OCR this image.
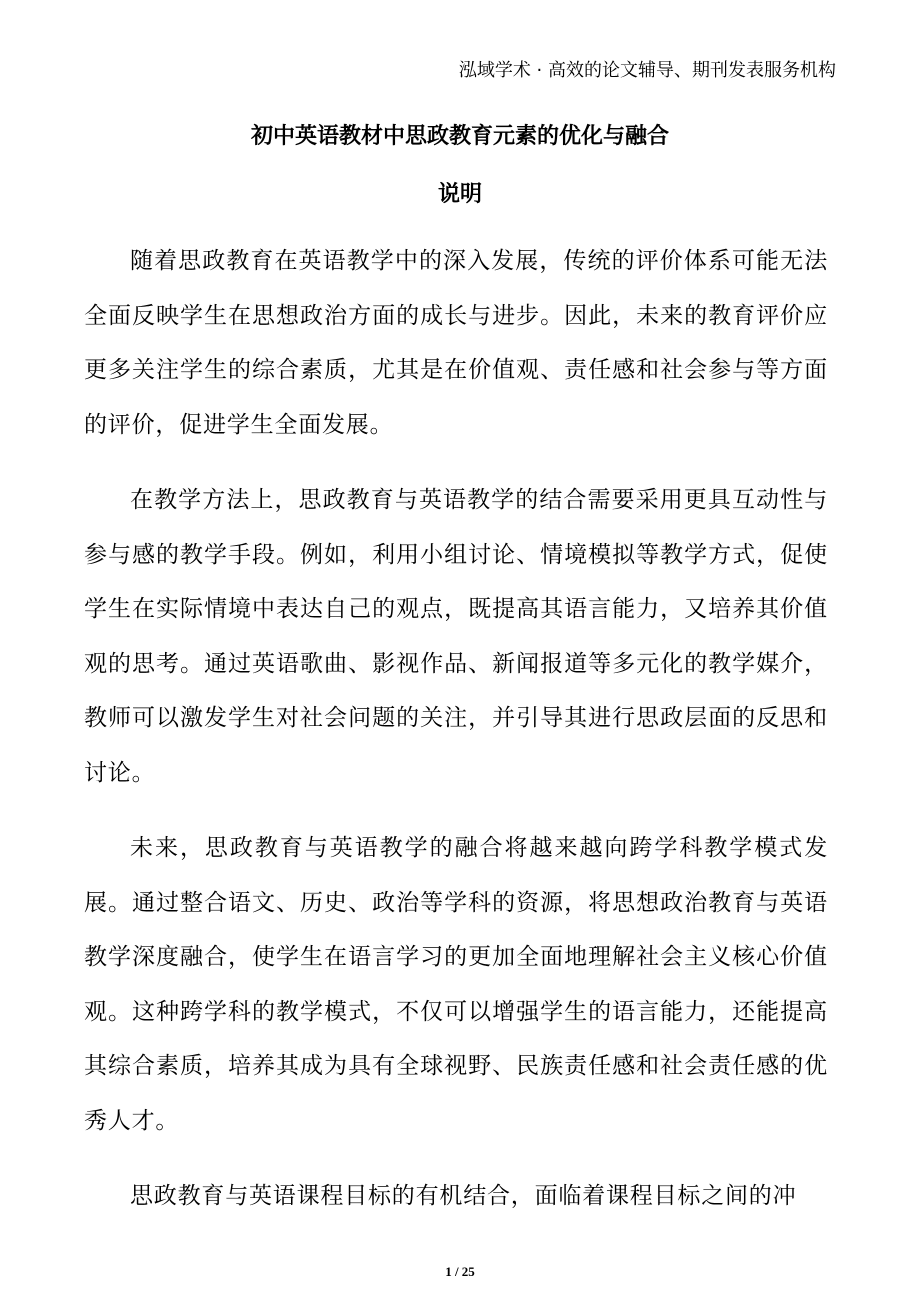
泓域学术 · 高效的论文辅导、期刊发表服务机构
初中英语教材中思政教育元素的优化与融合
说明

随着思政教育在英语教学中的深入发展，传统的评价体系可能无法全面反映学生在思想政治方面的成长与进步。因此，未来的教育评价应更多关注学生的综合素质，尤其是在价值观、责任感和社会参与等方面的评价，促进学生全面发展。

在教学方法上，思政教育与英语教学的结合需要采用更具互动性与参与感的教学手段。例如，利用小组讨论、情境模拟等教学方式，促使学生在实际情境中表达自己的观点，既提高其语言能力，又培养其价值观的思考。通过英语歌曲、影视作品、新闻报道等多元化的教学媒介，教师可以激发学生对社会问题的关注，并引导其进行思政层面的反思和讨论。

未来，思政教育与英语教学的融合将越来越向跨学科教学模式发展。通过整合语文、历史、政治等学科的资源，将思想政治教育与英语教学深度融合，使学生在语言学习的更加全面地理解社会主义核心价值观。这种跨学科的教学模式，不仅可以增强学生的语言能力，还能提高其综合素质，培养其成为具有全球视野、民族责任感和社会责任感的优秀人才。

思政教育与英语课程目标的有机结合，面临着课程目标之间的冲

1 / 25
